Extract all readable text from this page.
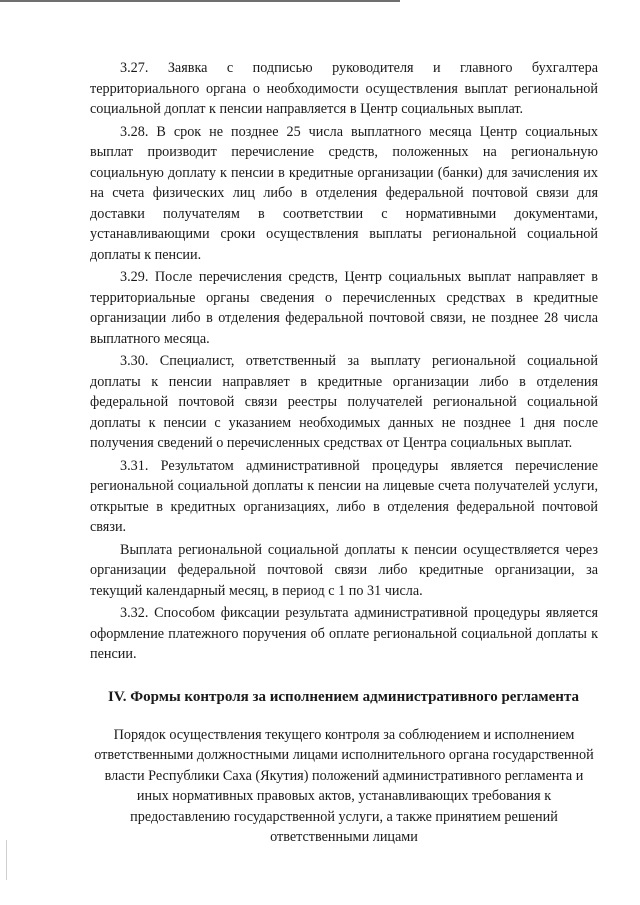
3.27. Заявка с подписью руководителя и главного бухгалтера территориального органа о необходимости осуществления выплат региональной социальной доплат к пенсии направляется в Центр социальных выплат.

3.28. В срок не позднее 25 числа выплатного месяца Центр социальных выплат производит перечисление средств, положенных на региональную социальную доплату к пенсии в кредитные организации (банки) для зачисления их на счета физических лиц либо в отделения федеральной почтовой связи для доставки получателям в соответствии с нормативными документами, устанавливающими сроки осуществления выплаты региональной социальной доплаты к пенсии.

3.29. После перечисления средств, Центр социальных выплат направляет в территориальные органы сведения о перечисленных средствах в кредитные организации либо в отделения федеральной почтовой связи, не позднее 28 числа выплатного месяца.

3.30. Специалист, ответственный за выплату региональной социальной доплаты к пенсии направляет в кредитные организации либо в отделения федеральной почтовой связи реестры получателей региональной социальной доплаты к пенсии с указанием необходимых данных не позднее 1 дня после получения сведений о перечисленных средствах от Центра социальных выплат.

3.31. Результатом административной процедуры является перечисление региональной социальной доплаты к пенсии на лицевые счета получателей услуги, открытые в кредитных организациях, либо в отделения федеральной почтовой связи.

Выплата региональной социальной доплаты к пенсии осуществляется через организации федеральной почтовой связи либо кредитные организации, за текущий календарный месяц, в период с 1 по 31 числа.

3.32. Способом фиксации результата административной процедуры является оформление платежного поручения об оплате региональной социальной доплаты к пенсии.

IV. Формы контроля за исполнением административного регламента

Порядок осуществления текущего контроля за соблюдением и исполнением ответственными должностными лицами исполнительного органа государственной власти Республики Саха (Якутия) положений административного регламента и иных нормативных правовых актов, устанавливающих требования к предоставлению государственной услуги, а также принятием решений ответственными лицами
